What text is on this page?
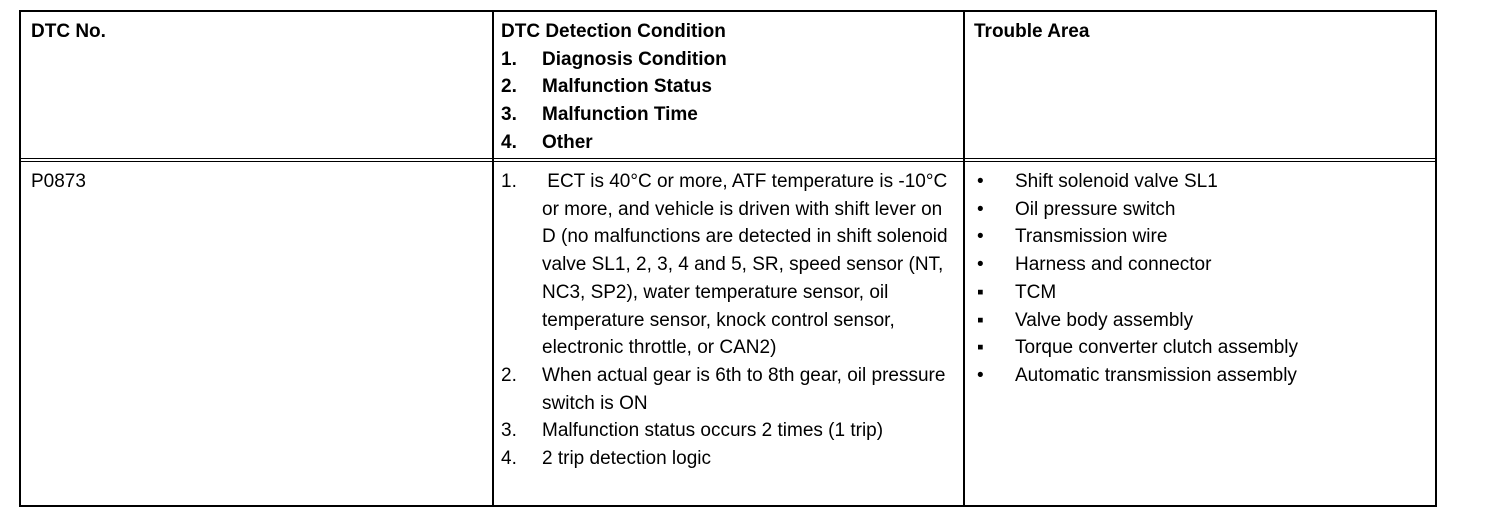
DTC No.	DTC Detection Condition
1. Diagnosis Condition
2. Malfunction Status
3. Malfunction Time
4. Other
Trouble Area
P0873	1. ECT is 40°C or more, ATF temperature is -10°C or more, and vehicle is driven with shift lever on D (no malfunctions are detected in shift solenoid valve SL1, 2, 3, 4 and 5, SR, speed sensor (NT, NC3, SP2), water temperature sensor, oil temperature sensor, knock control sensor, electronic throttle, or CAN2)
2. When actual gear is 6th to 8th gear, oil pressure switch is ON
3. Malfunction status occurs 2 times (1 trip)
4. 2 trip detection logic
• Shift solenoid valve SL1
• Oil pressure switch
• Transmission wire
• Harness and connector
▪ TCM
▪ Valve body assembly
▪ Torque converter clutch assembly
• Automatic transmission assembly
